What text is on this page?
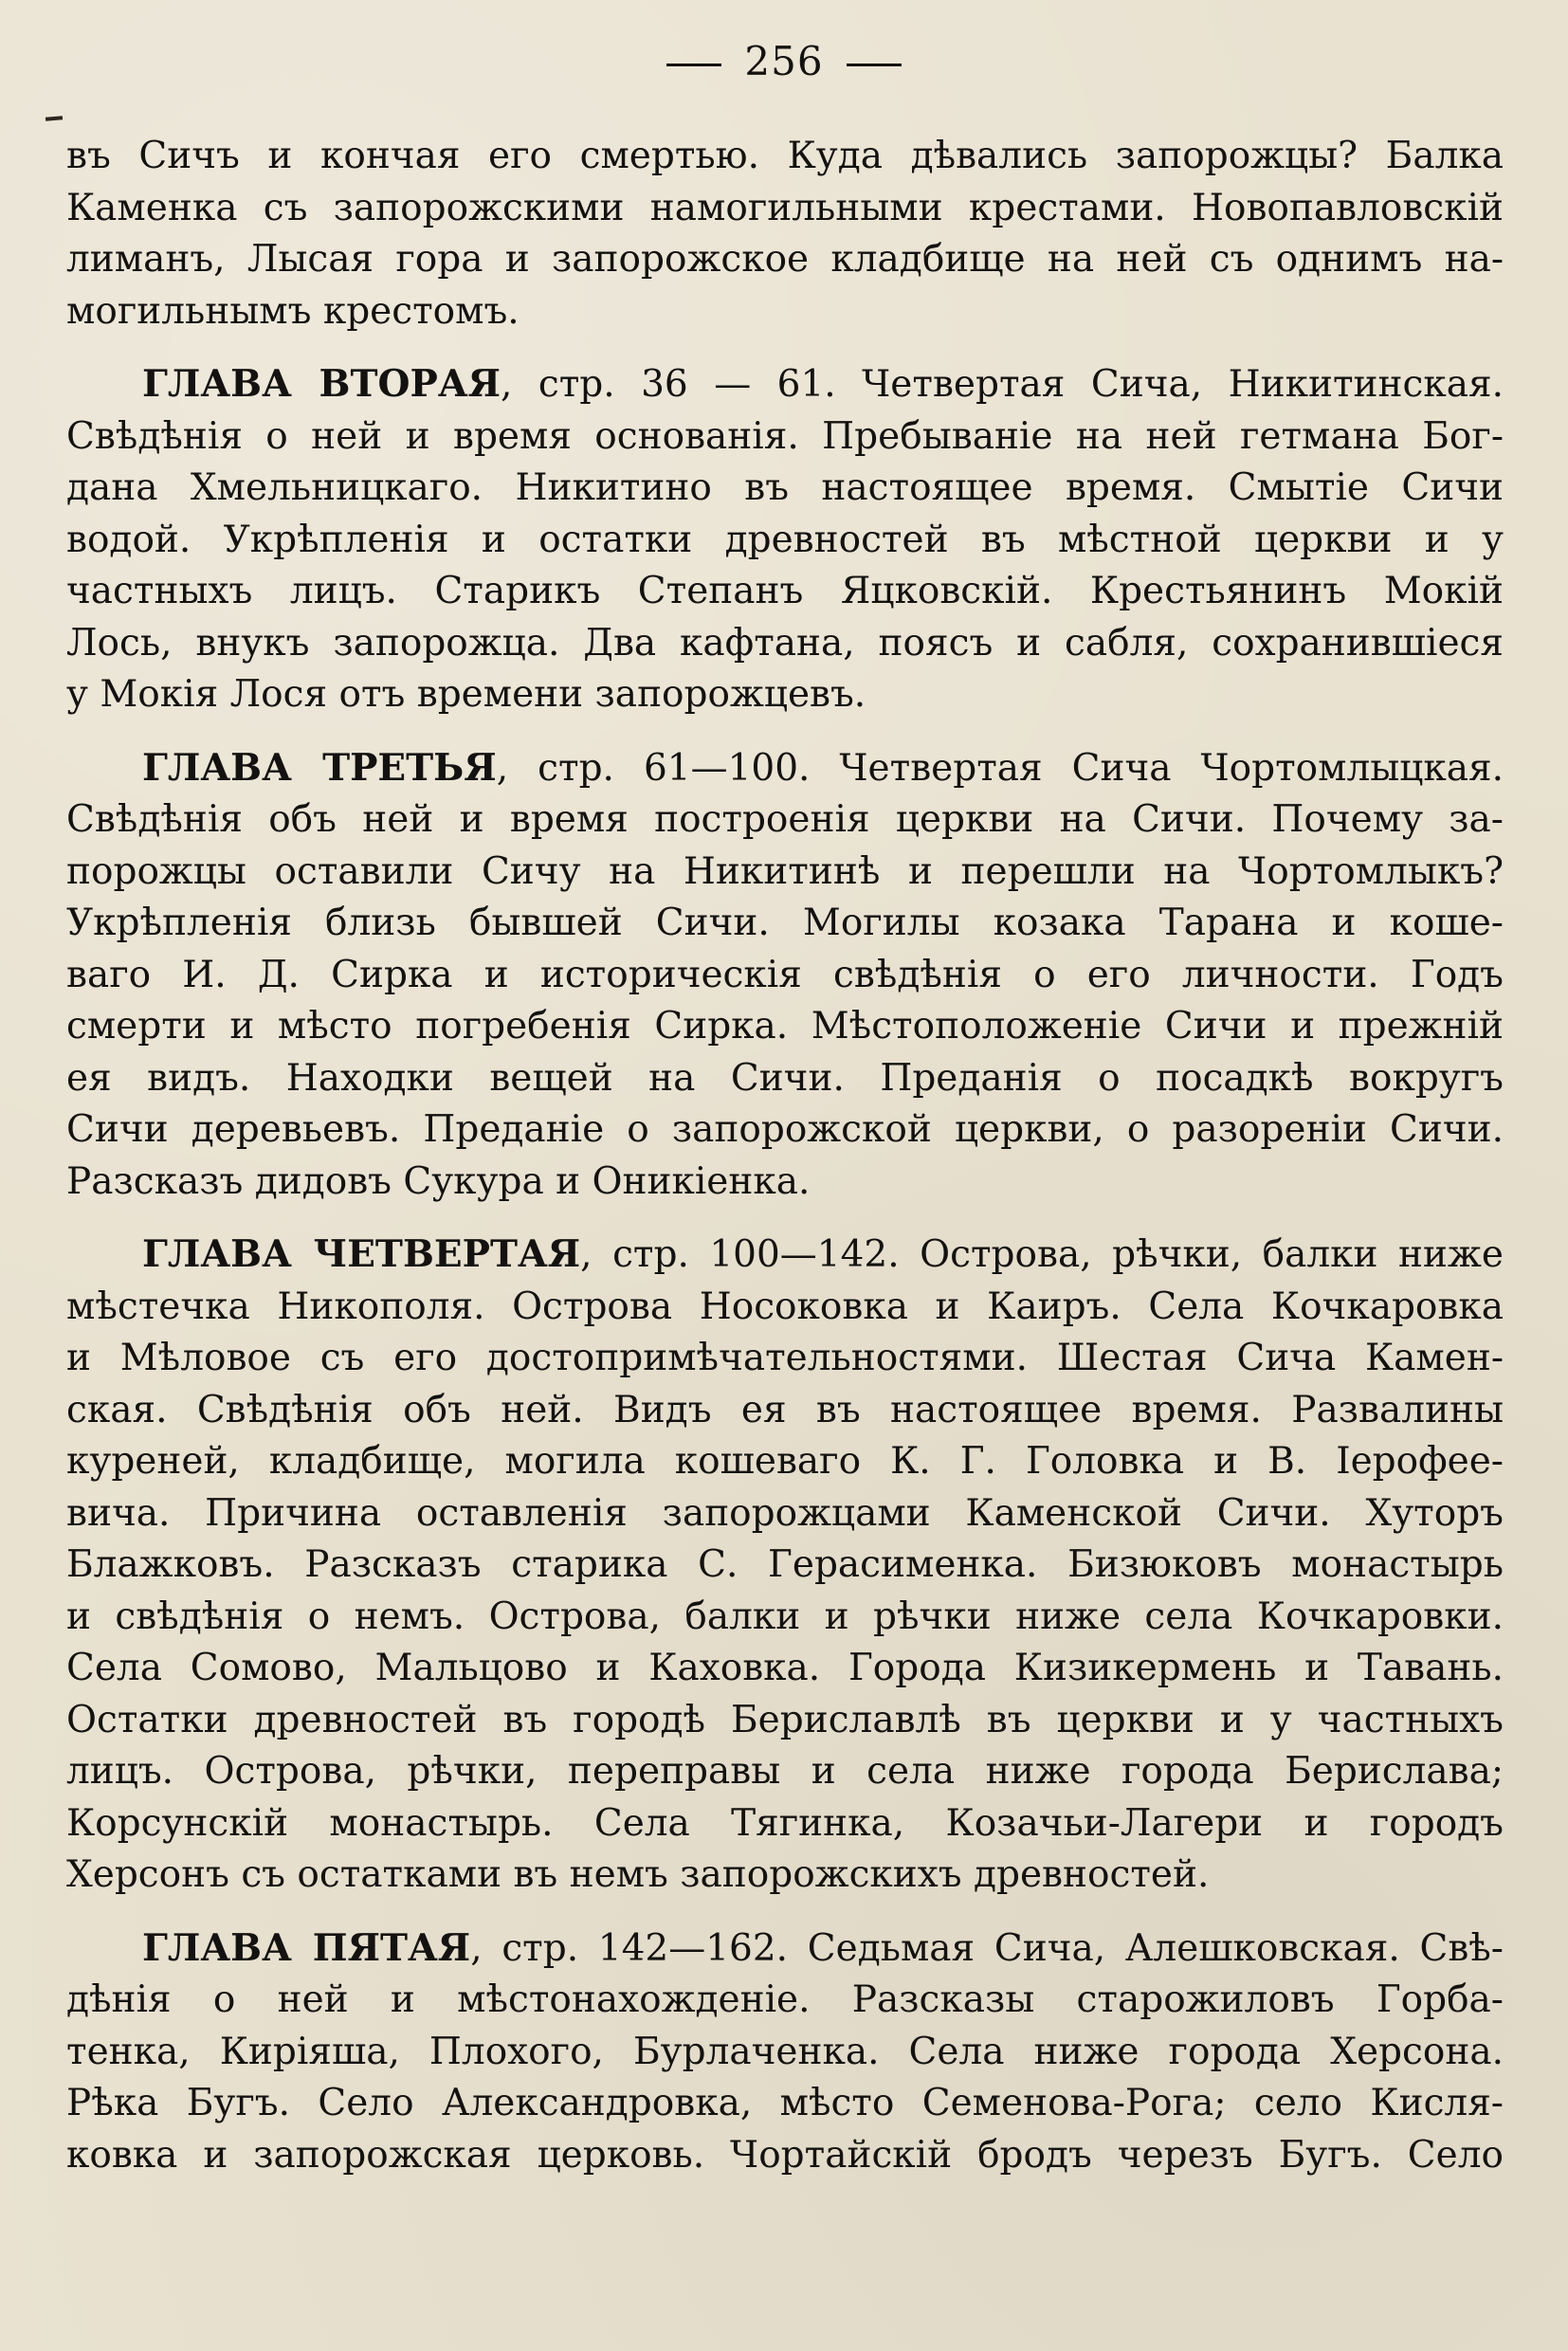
256
въ Сичъ и кончая его смертью. Куда дѣвались запорожцы? Балка
Каменка съ запорожскими намогильными крестами. Новопавловскій
лиманъ, Лысая гора и запорожское кладбище на ней съ однимъ на-
могильнымъ крестомъ.
ГЛАВА ВТОРАЯ, стр. 36 — 61. Четвертая Сича, Никитинская.
Свѣдѣнія о ней и время основанія. Пребываніе на ней гетмана Бог-
дана Хмельницкаго. Никитино въ настоящее время. Смытіе Сичи
водой. Укрѣпленія и остатки древностей въ мѣстной церкви и у
частныхъ лицъ. Старикъ Степанъ Яцковскій. Крестьянинъ Мокій
Лось, внукъ запорожца. Два кафтана, поясъ и сабля, сохранившіеся
у Мокія Лося отъ времени запорожцевъ.
ГЛАВА ТРЕТЬЯ, стр. 61—100. Четвертая Сича Чортомлыцкая.
Свѣдѣнія объ ней и время построенія церкви на Сичи. Почему за-
порожцы оставили Сичу на Никитинѣ и перешли на Чортомлыкъ?
Укрѣпленія близь бывшей Сичи. Могилы козака Тарана и коше-
ваго И. Д. Сирка и историческія свѣдѣнія о его личности. Годъ
смерти и мѣсто погребенія Сирка. Мѣстоположеніе Сичи и прежній
ея видъ. Находки вещей на Сичи. Преданія о посадкѣ вокругъ
Сичи деревьевъ. Преданіе о запорожской церкви, о разореніи Сичи.
Разсказъ дидовъ Сукура и Оникіенка.
ГЛАВА ЧЕТВЕРТАЯ, стр. 100—142. Острова, рѣчки, балки ниже
мѣстечка Никополя. Острова Носоковка и Каиръ. Села Кочкаровка
и Мѣловое съ его достопримѣчательностями. Шестая Сича Камен-
ская. Свѣдѣнія объ ней. Видъ ея въ настоящее время. Развалины
куреней, кладбище, могила кошеваго К. Г. Головка и В. Іерофее-
вича. Причина оставленія запорожцами Каменской Сичи. Хуторъ
Блажковъ. Разсказъ старика С. Герасименка. Бизюковъ монастырь
и свѣдѣнія о немъ. Острова, балки и рѣчки ниже села Кочкаровки.
Села Сомово, Мальцово и Каховка. Города Кизикермень и Тавань.
Остатки древностей въ городѣ Бериславлѣ въ церкви и у частныхъ
лицъ. Острова, рѣчки, переправы и села ниже города Берислава;
Корсунскій монастырь. Села Тягинка, Козачьи-Лагери и городъ
Херсонъ съ остатками въ немъ запорожскихъ древностей.
ГЛАВА ПЯТАЯ, стр. 142—162. Седьмая Сича, Алешковская. Свѣ-
дѣнія о ней и мѣстонахожденіе. Разсказы старожиловъ Горба-
тенка, Киріяша, Плохого, Бурлаченка. Села ниже города Херсона.
Рѣка Бугъ. Село Александровка, мѣсто Семенова-Рога; село Кисля-
ковка и запорожская церковь. Чортайскій бродъ черезъ Бугъ. Село
